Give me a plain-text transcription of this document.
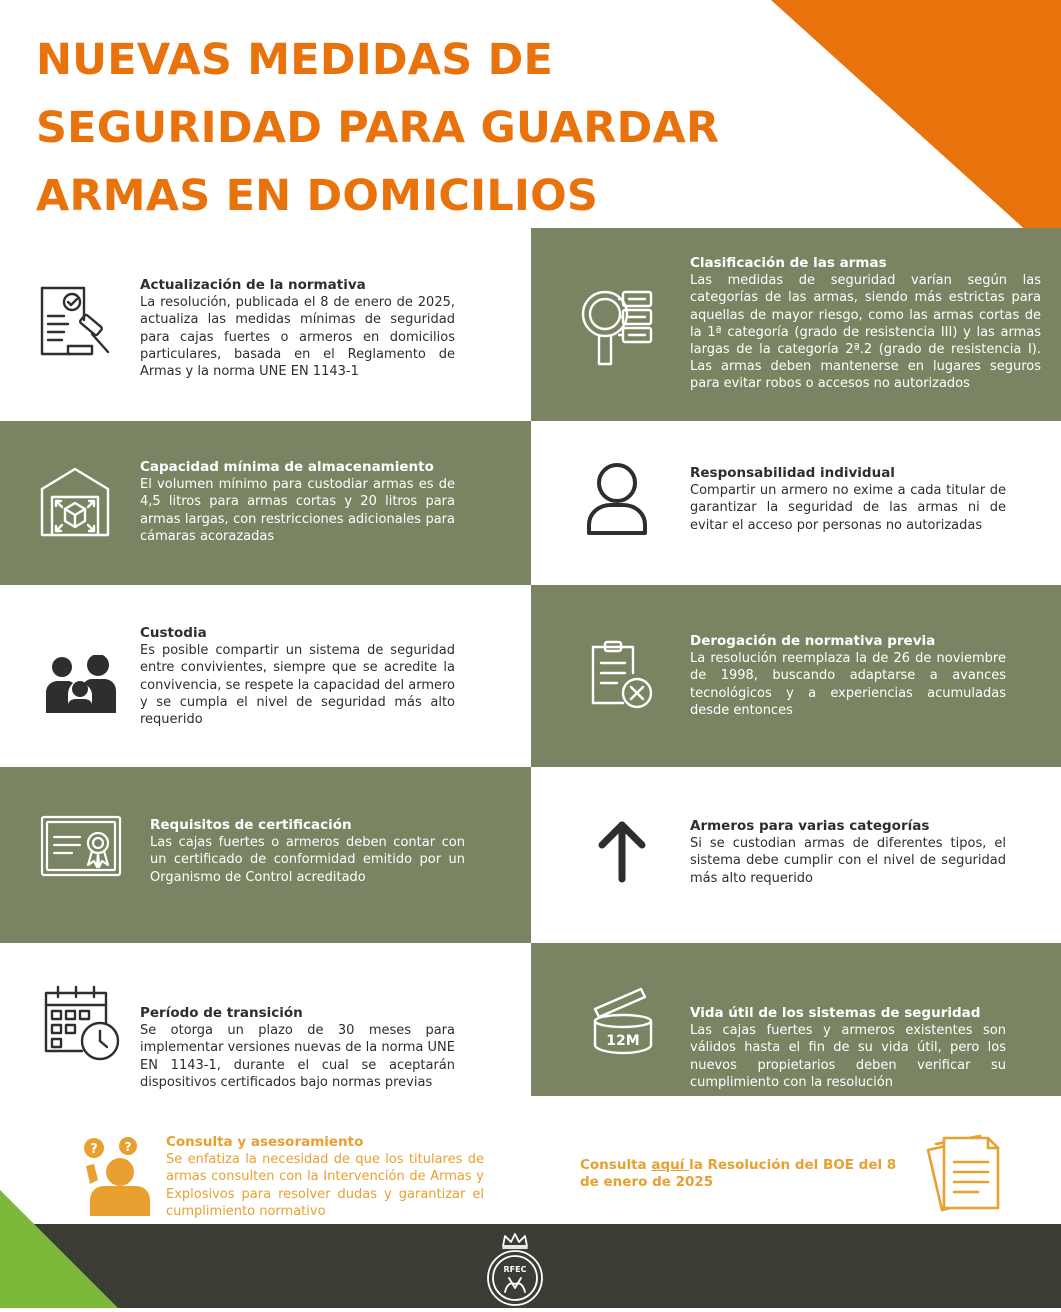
NUEVAS MEDIDAS DE
SEGURIDAD PARA GUARDAR
ARMAS EN DOMICILIOS
Actualización de la normativa

La resolución, publicada el 8 de enero de 2025, actualiza las medidas mínimas de seguridad para cajas fuertes o armeros en domicilios particulares, basada en el Reglamento de Armas y la norma UNE EN 1143-1

Clasificación de las armas

Las medidas de seguridad varían según las categorías de las armas, siendo más estrictas para aquellas de mayor riesgo, como las armas cortas de la 1ª categoría (grado de resistencia III) y las armas largas de la categoría 2ª.2 (grado de resistencia I). Las armas deben mantenerse en lugares seguros para evitar robos o accesos no autorizados

Capacidad mínima de almacenamiento

El volumen mínimo para custodiar armas es de 4,5 litros para armas cortas y 20 litros para armas largas, con restricciones adicionales para cámaras acorazadas

Responsabilidad individual

Compartir un armero no exime a cada titular de garantizar la seguridad de las armas ni de evitar el acceso por personas no autorizadas

Custodia

Es posible compartir un sistema de seguridad entre convivientes, siempre que se acredite la convivencia, se respete la capacidad del armero y se cumpla el nivel de seguridad más alto requerido

Derogación de normativa previa

La resolución reemplaza la de 26 de noviembre de 1998, buscando adaptarse a avances tecnológicos y a experiencias acumuladas desde entonces

Requisitos de certificación

Las cajas fuertes o armeros deben contar con un certificado de conformidad emitido por un Organismo de Control acreditado

Armeros para varias categorías

Si se custodian armas de diferentes tipos, el sistema debe cumplir con el nivel de seguridad más alto requerido

Período de transición

Se otorga un plazo de 30 meses para implementar versiones nuevas de la norma UNE EN 1143-1, durante el cual se aceptarán dispositivos certificados bajo normas previas

12M
Vida útil de los sistemas de seguridad

Las cajas fuertes y armeros existentes son válidos hasta el fin de su vida útil, pero los nuevos propietarios deben verificar su cumplimiento con la resolución

? ?	Consulta y asesoramiento

Se enfatiza la necesidad de que los titulares de armas consulten con la Intervención de Armas y Explosivos para resolver dudas y garantizar el cumplimiento normativo

Consulta aquí la Resolución del BOE del 8 de enero de 2025
RFEC
